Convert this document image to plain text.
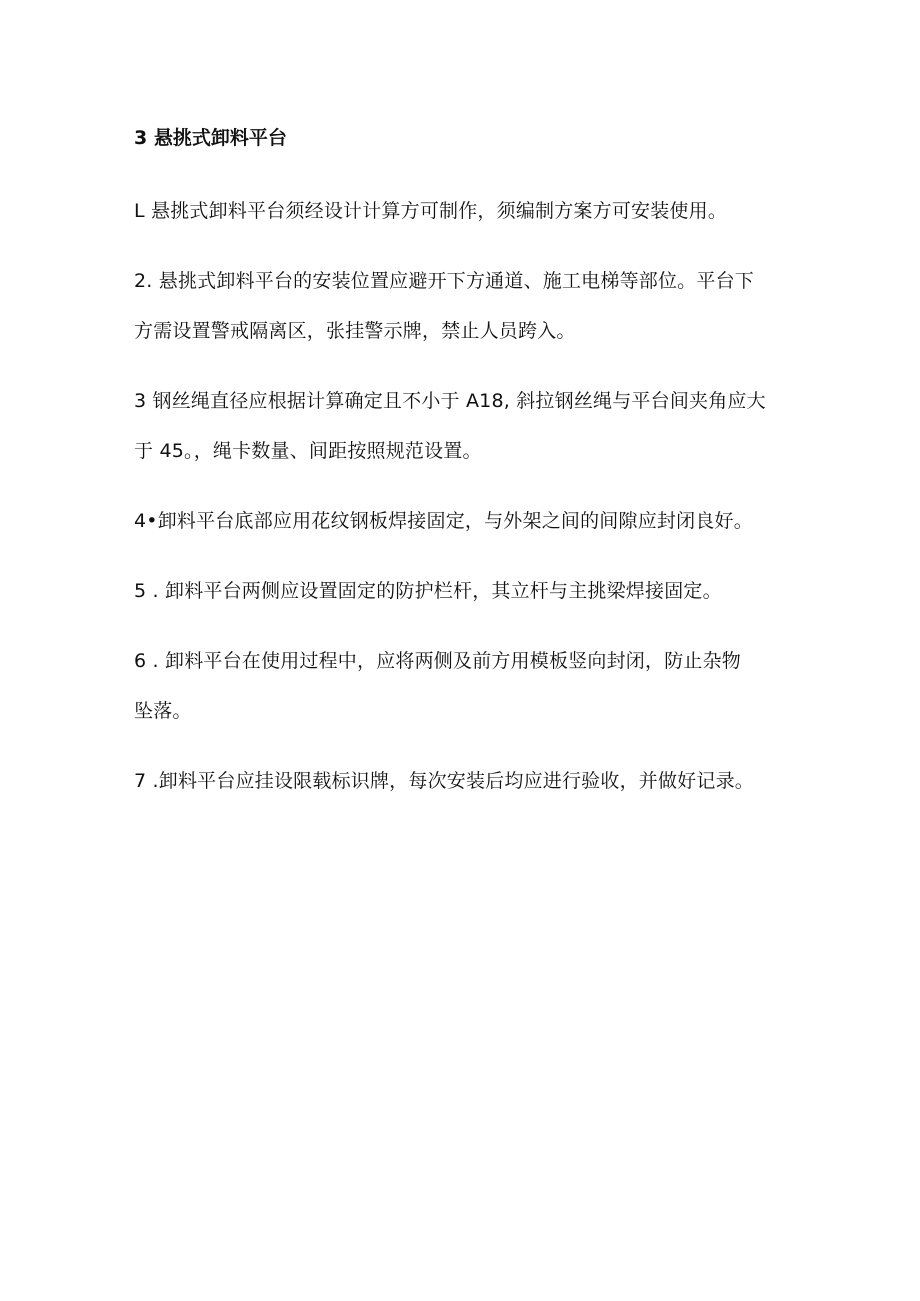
3 悬挑式卸料平台
L 悬挑式卸料平台须经设计计算方可制作，须编制方案方可安装使用。
2. 悬挑式卸料平台的安装位置应避开下方通道、施工电梯等部位。平台下
方需设置警戒隔离区，张挂警示牌，禁止人员跨入。
3 钢丝绳直径应根据计算确定且不小于 A18, 斜拉钢丝绳与平台间夹角应大
于 45。，绳卡数量、间距按照规范设置。
4•卸料平台底部应用花纹钢板焊接固定，与外架之间的间隙应封闭良好。
5 . 卸料平台两侧应设置固定的防护栏杆，其立杆与主挑梁焊接固定。
6 . 卸料平台在使用过程中，应将两侧及前方用模板竖向封闭，防止杂物
坠落。
7 .卸料平台应挂设限载标识牌，每次安装后均应进行验收，并做好记录。
